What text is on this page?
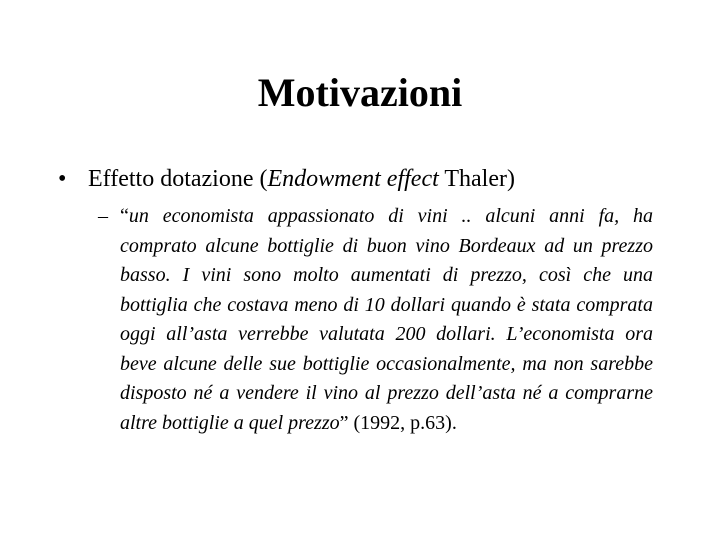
Motivazioni
• Effetto dotazione (Endowment effect Thaler)
– “un economista appassionato di vini .. alcuni anni fa, ha comprato alcune bottiglie di buon vino Bordeaux ad un prezzo basso. I vini sono molto aumentati di prezzo, così che una bottiglia che costava meno di 10 dollari quando è stata comprata oggi all’asta verrebbe valutata 200 dollari. L’economista ora beve alcune delle sue bottiglie occasionalmente, ma non sarebbe disposto né a vendere il vino al prezzo dell’asta né a comprarne altre bottiglie a quel prezzo” (1992, p.63).
